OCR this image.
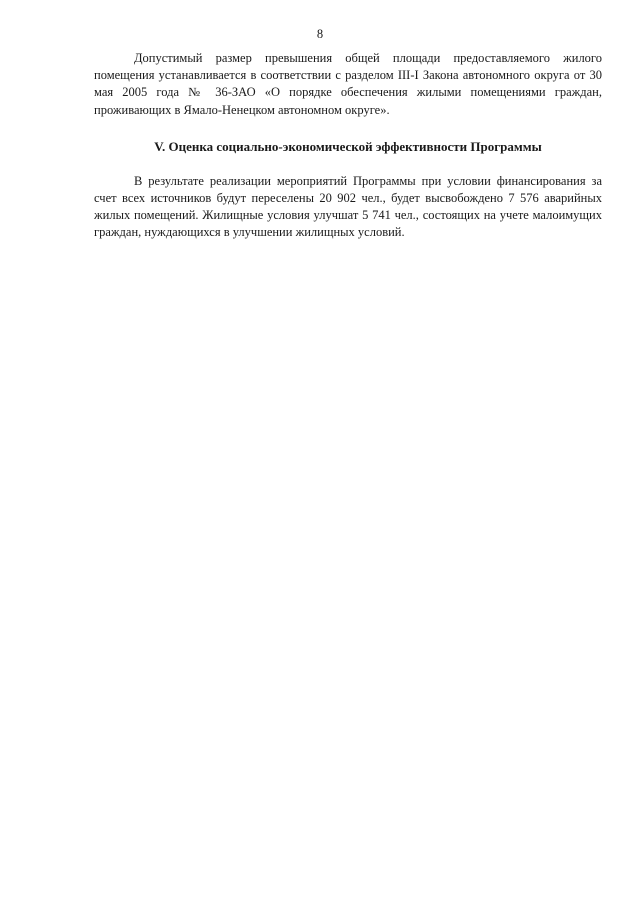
8

Допустимый размер превышения общей площади предоставляемого жилого помещения устанавливается в соответствии с разделом III-I Закона автономного округа от 30 мая 2005 года № 36-ЗАО «О порядке обеспечения жилыми помещениями граждан, проживающих в Ямало-Ненецком автономном округе».

V. Оценка социально-экономической эффективности Программы

В результате реализации мероприятий Программы при условии финансирования за счет всех источников будут переселены 20 902 чел., будет высвобождено 7 576 аварийных жилых помещений. Жилищные условия улучшат 5 741 чел., состоящих на учете малоимущих граждан, нуждающихся в улучшении жилищных условий.
